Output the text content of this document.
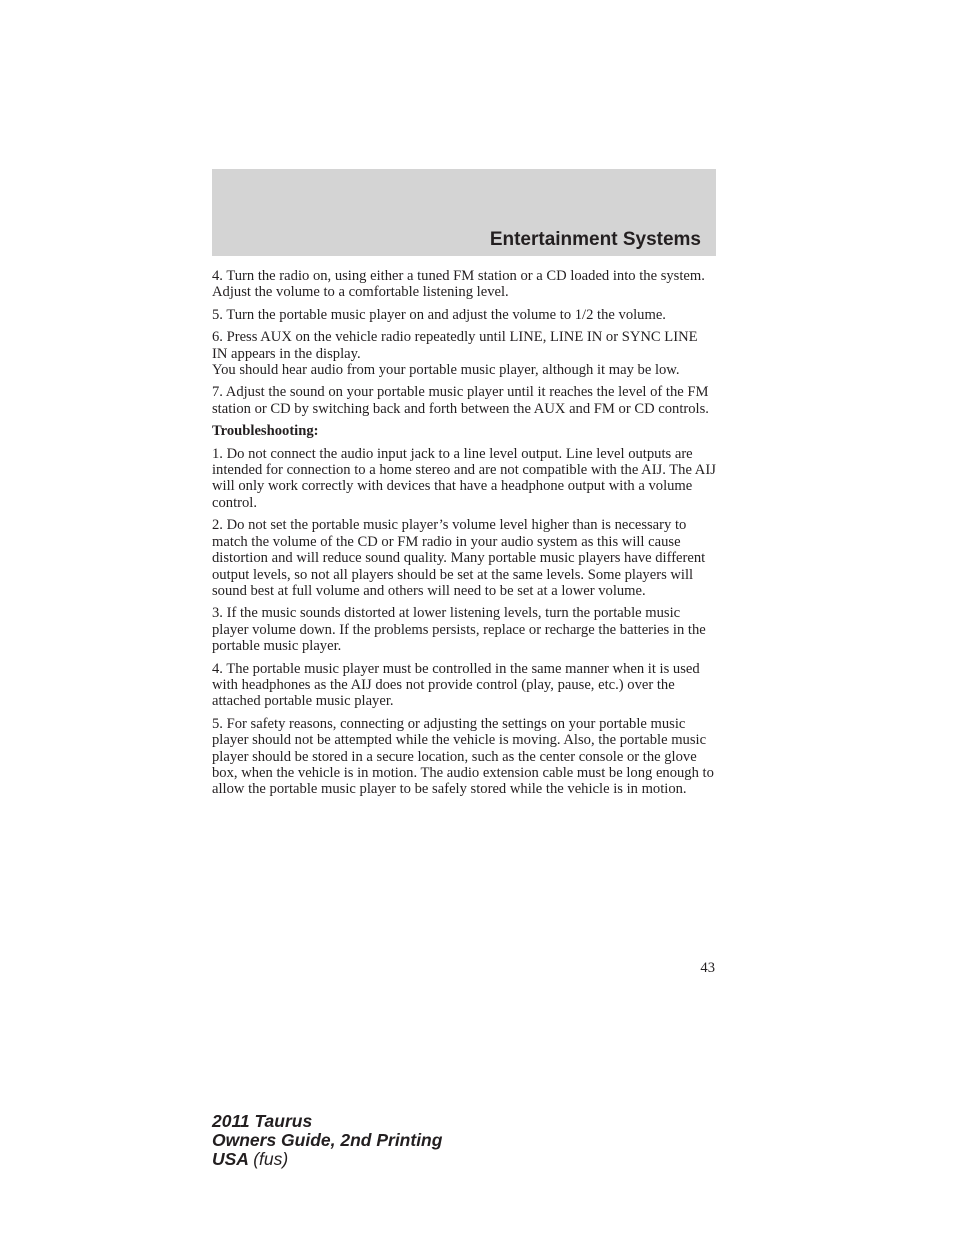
Entertainment Systems

4. Turn the radio on, using either a tuned FM station or a CD loaded into the system. Adjust the volume to a comfortable listening level.

5. Turn the portable music player on and adjust the volume to 1/2 the volume.

6. Press AUX on the vehicle radio repeatedly until LINE, LINE IN or SYNC LINE IN appears in the display.

You should hear audio from your portable music player, although it may be low.

7. Adjust the sound on your portable music player until it reaches the level of the FM station or CD by switching back and forth between the AUX and FM or CD controls.

Troubleshooting:

1. Do not connect the audio input jack to a line level output. Line level outputs are intended for connection to a home stereo and are not compatible with the AIJ. The AIJ will only work correctly with devices that have a headphone output with a volume control.

2. Do not set the portable music player’s volume level higher than is necessary to match the volume of the CD or FM radio in your audio system as this will cause distortion and will reduce sound quality. Many portable music players have different output levels, so not all players should be set at the same levels. Some players will sound best at full volume and others will need to be set at a lower volume.

3. If the music sounds distorted at lower listening levels, turn the portable music player volume down. If the problems persists, replace or recharge the batteries in the portable music player.

4. The portable music player must be controlled in the same manner when it is used with headphones as the AIJ does not provide control (play, pause, etc.) over the attached portable music player.

5. For safety reasons, connecting or adjusting the settings on your portable music player should not be attempted while the vehicle is moving. Also, the portable music player should be stored in a secure location, such as the center console or the glove box, when the vehicle is in motion. The audio extension cable must be long enough to allow the portable music player to be safely stored while the vehicle is in motion.

43
2011 Taurus
Owners Guide, 2nd Printing
USA (fus)
